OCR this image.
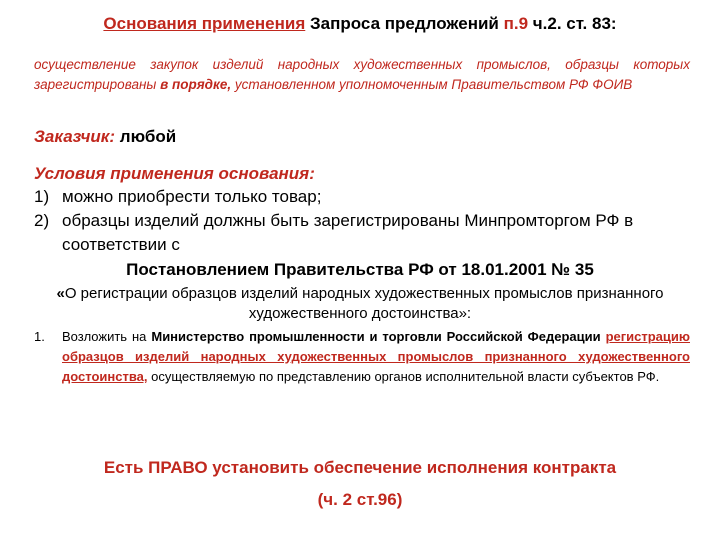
Основания применения Запроса предложений п.9 ч.2. ст. 83:
осуществление закупок изделий народных художественных промыслов, образцы которых зарегистрированы в порядке, установленном уполномоченным Правительством РФ ФОИВ
Заказчик: любой
Условия применения основания:
1) можно приобрести только товар;
2) образцы изделий должны быть зарегистрированы Минпромторгом РФ в соответствии с
Постановлением Правительства РФ от 18.01.2001 № 35
«О регистрации образцов изделий народных художественных промыслов признанного художественного достоинства»:
1.	Возложить на Министерство промышленности и торговли Российской Федерации регистрацию образцов изделий народных художественных промыслов признанного художественного достоинства, осуществляемую по представлению органов исполнительной власти субъектов РФ.
Есть ПРАВО установить обеспечение исполнения контракта
(ч. 2 ст.96)
